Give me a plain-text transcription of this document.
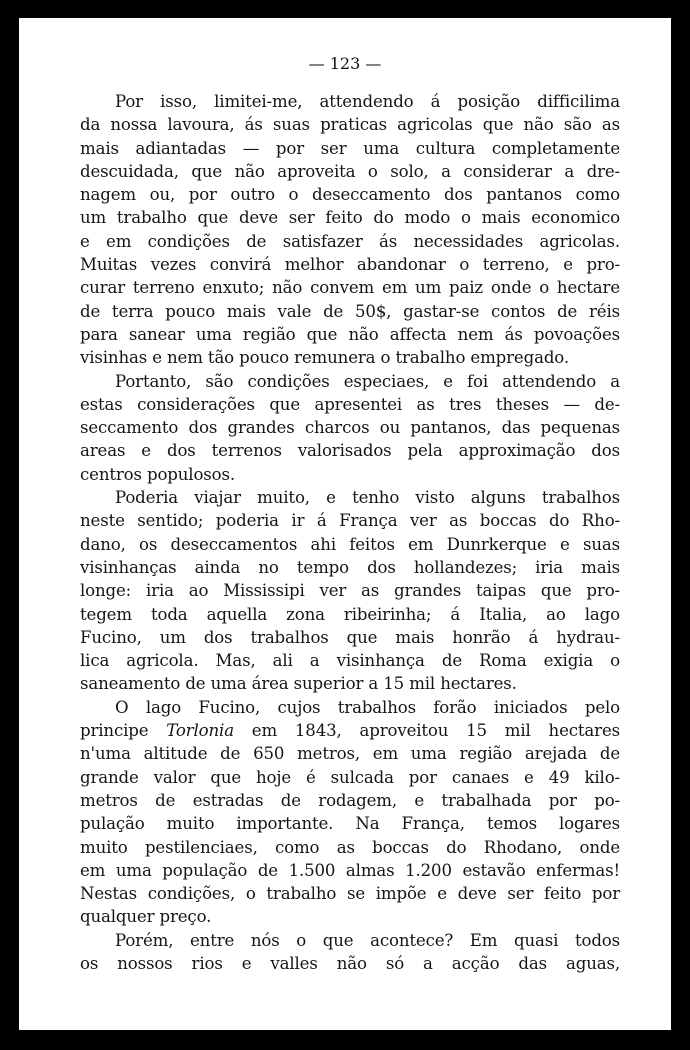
— 123 —
Por isso, limitei-me, attendendo á posição difficilima
da nossa lavoura, ás suas praticas agricolas que não são as
mais adiantadas — por ser uma cultura completamente
descuidada, que não aproveita o solo, a considerar a dre-
nagem ou, por outro o deseccamento dos pantanos como
um trabalho que deve ser feito do modo o mais economico
e em condições de satisfazer ás necessidades agricolas.
Muitas vezes convirá melhor abandonar o terreno, e pro-
curar terreno enxuto; não convem em um paiz onde o hectare
de terra pouco mais vale de 50$, gastar-se contos de réis
para sanear uma região que não affecta nem ás povoações
visinhas e nem tão pouco remunera o trabalho empregado.
Portanto, são condições especiaes, e foi attendendo a
estas considerações que apresentei as tres theses — de-
seccamento dos grandes charcos ou pantanos, das pequenas
areas e dos terrenos valorisados pela approximação dos
centros populosos.
Poderia viajar muito, e tenho visto alguns trabalhos
neste sentido; poderia ir á França ver as boccas do Rho-
dano, os deseccamentos ahi feitos em Dunrkerque e suas
visinhanças ainda no tempo dos hollandezes; iria mais
longe: iria ao Mississipi ver as grandes taipas que pro-
tegem toda aquella zona ribeirinha; á Italia, ao lago
Fucino, um dos trabalhos que mais honrão á hydrau-
lica agricola. Mas, ali a visinhança de Roma exigia o
saneamento de uma área superior a 15 mil hectares.
O lago Fucino, cujos trabalhos forão iniciados pelo
principe Torlonia em 1843, aproveitou 15 mil hectares
n'uma altitude de 650 metros, em uma região arejada de
grande valor que hoje é sulcada por canaes e 49 kilo-
metros de estradas de rodagem, e trabalhada por po-
pulação muito importante. Na França, temos logares
muito pestilenciaes, como as boccas do Rhodano, onde
em uma população de 1.500 almas 1.200 estavão enfermas!
Nestas condições, o trabalho se impõe e deve ser feito por
qualquer preço.
Porém, entre nós o que acontece? Em quasi todos
os nossos rios e valles não só a acção das aguas,
